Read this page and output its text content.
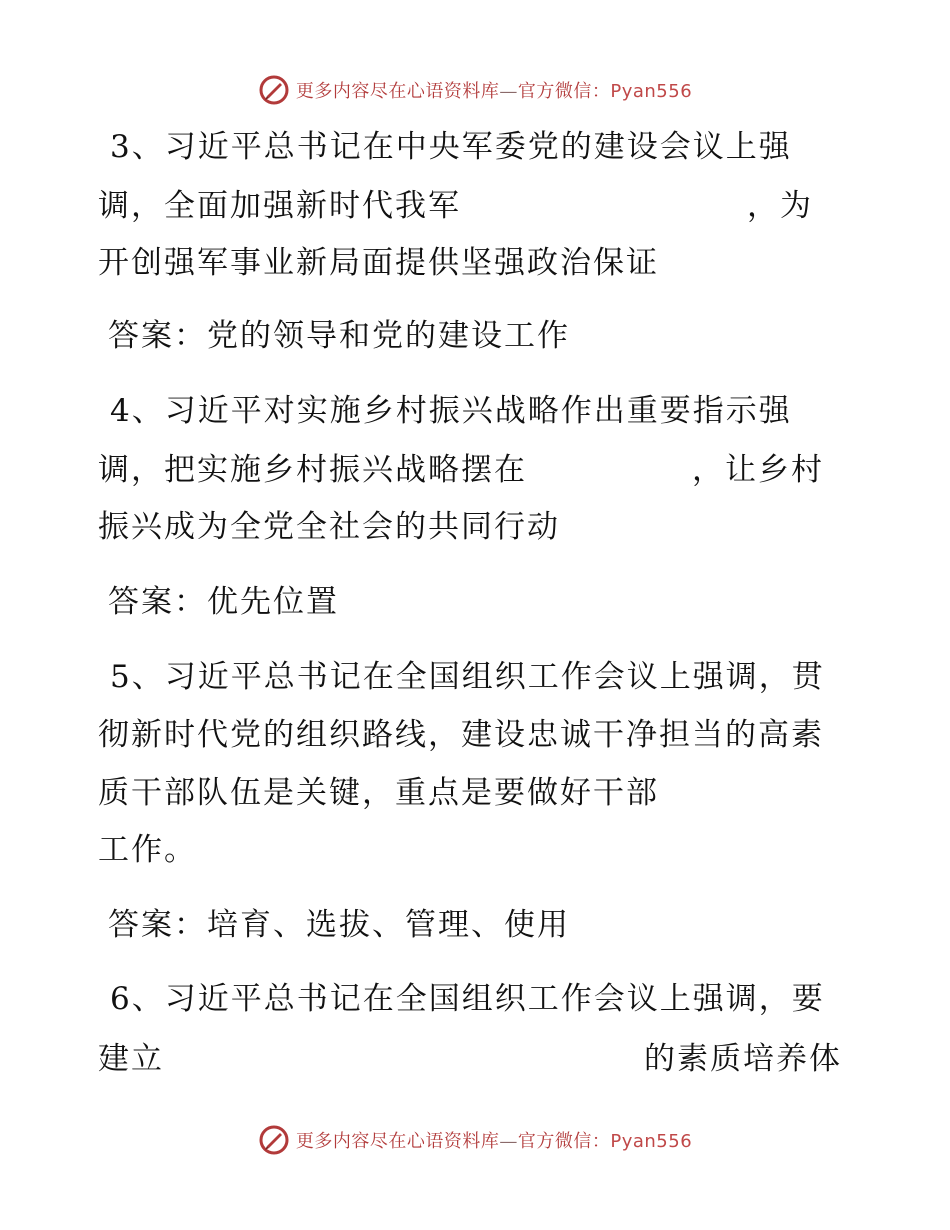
更多内容尽在心语资料库—官方微信：Pyan556
3、习近平总书记在中央军委党的建设会议上强
调，全面加强新时代我军	，为
开创强军事业新局面提供坚强政治保证
答案：党的领导和党的建设工作
4、习近平对实施乡村振兴战略作出重要指示强
调，把实施乡村振兴战略摆在	，让乡村
振兴成为全党全社会的共同行动
答案：优先位置
5、习近平总书记在全国组织工作会议上强调，贯
彻新时代党的组织路线，建设忠诚干净担当的高素
质干部队伍是关键，重点是要做好干部
工作。
答案：培育、选拔、管理、使用
6、习近平总书记在全国组织工作会议上强调，要
建立	的素质培养体
更多内容尽在心语资料库—官方微信：Pyan556
